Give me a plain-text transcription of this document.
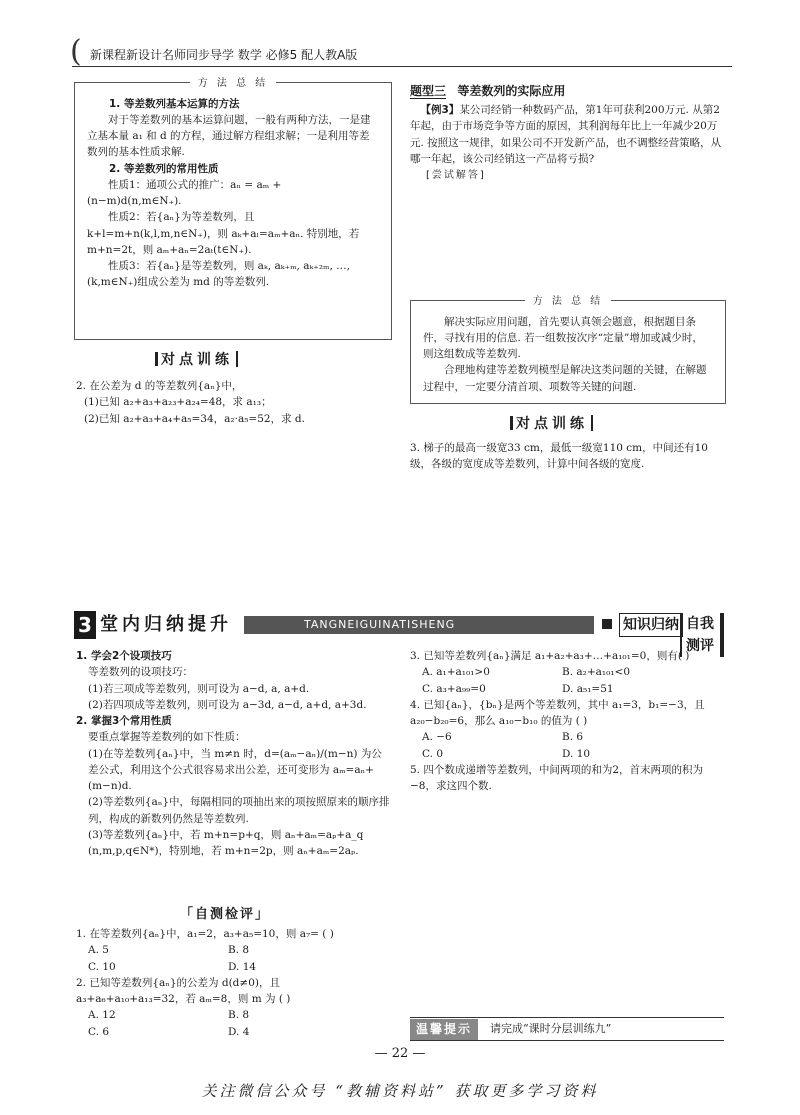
( 新课程新设计名师同步导学 数学 必修5 配人教A版
方 法 总 结
1. 等差数列基本运算的方法

对于等差数列的基本运算问题，一般有两种方法，一是建立基本量 a₁ 和 d 的方程，通过解方程组求解；一是利用等差数列的基本性质求解.

2. 等差数列的常用性质

性质1：通项公式的推广：aₙ = aₘ + (n−m)d(n,m∈N₊).

性质2：若{aₙ}为等差数列，且 k+l=m+n(k,l,m,n∈N₊)，则 aₖ+aₗ=aₘ+aₙ. 特别地，若 m+n=2t，则 aₘ+aₙ=2aₜ(t∈N₊).

性质3：若{aₙ}是等差数列，则 aₖ, aₖ₊ₘ, aₖ₊₂ₘ, …, (k,m∈N₊)组成公差为 md 的等差数列.

对点训练

2. 在公差为 d 的等差数列{aₙ}中，

(1)已知 a₂+a₃+a₂₃+a₂₄=48，求 a₁₃；

(2)已知 a₂+a₃+a₄+a₅=34，a₂·a₅=52，求 d.

题型三 等差数列的实际应用

【例3】某公司经销一种数码产品，第1年可获利200万元. 从第2年起，由于市场竞争等方面的原因，其利润每年比上一年减少20万元. 按照这一规律，如果公司不开发新产品，也不调整经营策略，从哪一年起，该公司经销这一产品将亏损?

[尝试解答]

方 法 总 结

解决实际应用问题，首先要认真领会题意，根据题目条件，寻找有用的信息. 若一组数按次序“定量”增加或减少时，则这组数成等差数列.

合理地构建等差数列模型是解决这类问题的关键，在解题过程中，一定要分清首项、项数等关键的问题.

对点训练

3. 梯子的最高一级宽33 cm，最低一级宽110 cm，中间还有10级，各级的宽度成等差数列，计算中间各级的宽度.

3 堂内归纳提升	TANGNEIGUINATISHENG	知识归纳 自我测评

1. 学会2个设项技巧

等差数列的设项技巧：

(1)若三项成等差数列，则可设为 a−d, a, a+d.

(2)若四项成等差数列，则可设为 a−3d, a−d, a+d, a+3d.

2. 掌握3个常用性质

要重点掌握等差数列的如下性质：

(1)在等差数列{aₙ}中，当 m≠n 时，d=(aₘ−aₙ)/(m−n) 为公差公式，利用这个公式很容易求出公差，还可变形为 aₘ=aₙ+(m−n)d.

(2)等差数列{aₙ}中，每隔相同的项抽出来的项按照原来的顺序排列，构成的新数列仍然是等差数列.

(3)等差数列{aₙ}中，若 m+n=p+q，则 aₙ+aₘ=aₚ+a_q (n,m,p,q∈N*)，特别地，若 m+n=2p，则 aₙ+aₘ=2aₚ.

「自测检评」

1. 在等差数列{aₙ}中，a₁=2，a₃+a₅=10，则 a₇= ( )

A. 5	B. 8
C. 10	D. 14

2. 已知等差数列{aₙ}的公差为 d(d≠0)，且 a₃+a₆+a₁₀+a₁₃=32，若 aₘ=8，则 m 为 ( )

A. 12	B. 8
C. 6	D. 4

3. 已知等差数列{aₙ}满足 a₁+a₂+a₃+…+a₁₀₁=0，则有( )

A. a₁+a₁₀₁>0	B. a₂+a₁₀₁<0
C. a₃+a₉₉=0	D. a₅₁=51

4. 已知{aₙ}，{bₙ}是两个等差数列，其中 a₁=3，b₁=−3，且 a₂₀−b₂₀=6，那么 a₁₀−b₁₀ 的值为 ( )

A. −6	B. 6
C. 0	D. 10

5. 四个数成递增等差数列，中间两项的和为2，首末两项的积为−8，求这四个数.

温馨提示	请完成“课时分层训练九”
— 22 —
关注微信公众号 “教辅资料站” 获取更多学习资料
